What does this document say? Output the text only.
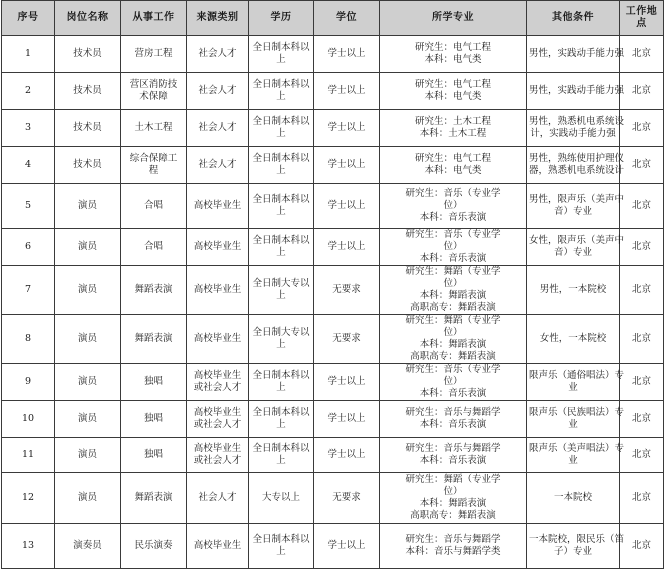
序号	岗位名称	从事工作	来源类别	学历	学位	所学专业	其他条件	工作地点
1	技术员	营房工程	社会人才	全日制本科以
上	学士以上	研究生：电气工程
本科：电气类	男性，实践动手能力强	北京
2	技术员	营区消防技
术保障	社会人才	全日制本科以
上	学士以上	研究生：电气工程
本科：电气类	男性，实践动手能力强	北京
3	技术员	土木工程	社会人才	全日制本科以
上	学士以上	研究生：土木工程
本科：土木工程	男性，熟悉机电系统设
计，实践动手能力强	北京
4	技术员	综合保障工
程	社会人才	全日制本科以
上	学士以上	研究生：电气工程
本科：电气类	男性，熟练使用护理仪
器，熟悉机电系统设计	北京
5	演员	合唱	高校毕业生	全日制本科以
上	学士以上	研究生：音乐（专业学
位）
本科：音乐表演	男性，限声乐（美声中
音）专业	北京
6	演员	合唱	高校毕业生	全日制本科以
上	学士以上	研究生：音乐（专业学
位）
本科：音乐表演	女性，限声乐（美声中
音）专业	北京
7	演员	舞蹈表演	高校毕业生	全日制大专以
上	无要求	研究生：舞蹈（专业学
位）
本科：舞蹈表演
高职高专：舞蹈表演	男性，一本院校	北京
8	演员	舞蹈表演	高校毕业生	全日制大专以
上	无要求	研究生：舞蹈（专业学
位）
本科：舞蹈表演
高职高专：舞蹈表演	女性，一本院校	北京
9	演员	独唱	高校毕业生
或社会人才	全日制本科以
上	学士以上	研究生：音乐（专业学
位）
本科：音乐表演	限声乐（通俗唱法）专
业	北京
10	演员	独唱	高校毕业生
或社会人才	全日制本科以
上	学士以上	研究生：音乐与舞蹈学
本科：音乐表演	限声乐（民族唱法）专
业	北京
11	演员	独唱	高校毕业生
或社会人才	全日制本科以
上	学士以上	研究生：音乐与舞蹈学
本科：音乐表演	限声乐（美声唱法）专
业	北京
12	演员	舞蹈表演	社会人才	大专以上	无要求	研究生：舞蹈（专业学
位）
本科：舞蹈表演
高职高专：舞蹈表演	一本院校	北京
13	演奏员	民乐演奏	高校毕业生	全日制本科以
上	学士以上	研究生：音乐与舞蹈学
本科：音乐与舞蹈学类	一本院校，限民乐（笛
子）专业	北京
